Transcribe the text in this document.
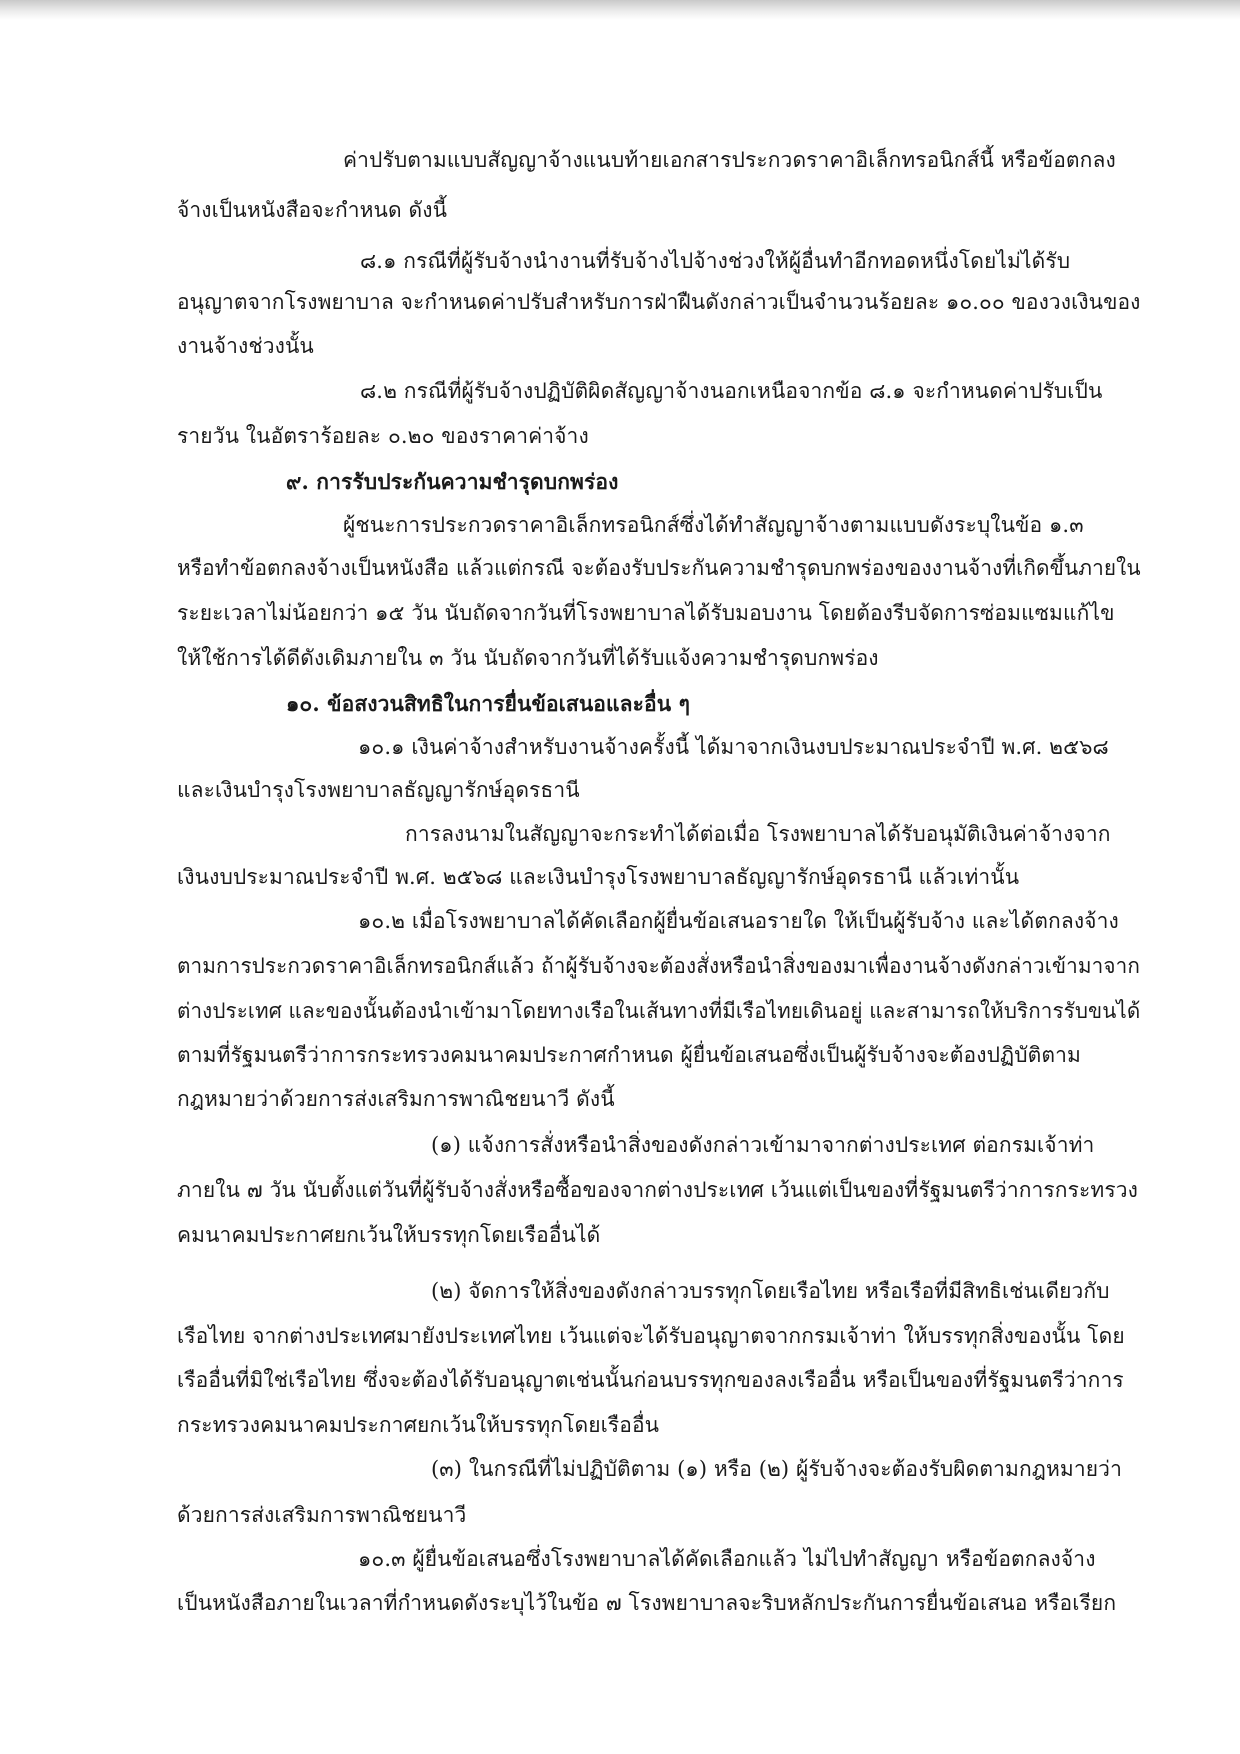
ค่าปรับตามแบบสัญญาจ้างแนบท้ายเอกสารประกวดราคาอิเล็กทรอนิกส์นี้ หรือข้อตกลง
จ้างเป็นหนังสือจะกำหนด ดังนี้
๘.๑ กรณีที่ผู้รับจ้างนำงานที่รับจ้างไปจ้างช่วงให้ผู้อื่นทำอีกทอดหนึ่งโดยไม่ได้รับ
อนุญาตจากโรงพยาบาล จะกำหนดค่าปรับสำหรับการฝ่าฝืนดังกล่าวเป็นจำนวนร้อยละ ๑๐.๐๐ ของวงเงินของ
งานจ้างช่วงนั้น
๘.๒ กรณีที่ผู้รับจ้างปฏิบัติผิดสัญญาจ้างนอกเหนือจากข้อ ๘.๑ จะกำหนดค่าปรับเป็น
รายวัน ในอัตราร้อยละ ๐.๒๐ ของราคาค่าจ้าง
๙. การรับประกันความชำรุดบกพร่อง
ผู้ชนะการประกวดราคาอิเล็กทรอนิกส์ซึ่งได้ทำสัญญาจ้างตามแบบดังระบุในข้อ ๑.๓
หรือทำข้อตกลงจ้างเป็นหนังสือ แล้วแต่กรณี จะต้องรับประกันความชำรุดบกพร่องของงานจ้างที่เกิดขึ้นภายใน
ระยะเวลาไม่น้อยกว่า ๑๕ วัน นับถัดจากวันที่โรงพยาบาลได้รับมอบงาน โดยต้องรีบจัดการซ่อมแซมแก้ไข
ให้ใช้การได้ดีดังเดิมภายใน ๓ วัน นับถัดจากวันที่ได้รับแจ้งความชำรุดบกพร่อง
๑๐. ข้อสงวนสิทธิในการยื่นข้อเสนอและอื่น ๆ
๑๐.๑ เงินค่าจ้างสำหรับงานจ้างครั้งนี้ ได้มาจากเงินงบประมาณประจำปี พ.ศ. ๒๕๖๘
และเงินบำรุงโรงพยาบาลธัญญารักษ์อุดรธานี
การลงนามในสัญญาจะกระทำได้ต่อเมื่อ โรงพยาบาลได้รับอนุมัติเงินค่าจ้างจาก
เงินงบประมาณประจำปี พ.ศ. ๒๕๖๘ และเงินบำรุงโรงพยาบาลธัญญารักษ์อุดรธานี แล้วเท่านั้น
๑๐.๒ เมื่อโรงพยาบาลได้คัดเลือกผู้ยื่นข้อเสนอรายใด ให้เป็นผู้รับจ้าง และได้ตกลงจ้าง
ตามการประกวดราคาอิเล็กทรอนิกส์แล้ว ถ้าผู้รับจ้างจะต้องสั่งหรือนำสิ่งของมาเพื่องานจ้างดังกล่าวเข้ามาจาก
ต่างประเทศ และของนั้นต้องนำเข้ามาโดยทางเรือในเส้นทางที่มีเรือไทยเดินอยู่ และสามารถให้บริการรับขนได้
ตามที่รัฐมนตรีว่าการกระทรวงคมนาคมประกาศกำหนด ผู้ยื่นข้อเสนอซึ่งเป็นผู้รับจ้างจะต้องปฏิบัติตาม
กฎหมายว่าด้วยการส่งเสริมการพาณิชยนาวี ดังนี้
(๑) แจ้งการสั่งหรือนำสิ่งของดังกล่าวเข้ามาจากต่างประเทศ ต่อกรมเจ้าท่า
ภายใน ๗ วัน นับตั้งแต่วันที่ผู้รับจ้างสั่งหรือซื้อของจากต่างประเทศ เว้นแต่เป็นของที่รัฐมนตรีว่าการกระทรวง
คมนาคมประกาศยกเว้นให้บรรทุกโดยเรืออื่นได้
(๒) จัดการให้สิ่งของดังกล่าวบรรทุกโดยเรือไทย หรือเรือที่มีสิทธิเช่นเดียวกับ
เรือไทย จากต่างประเทศมายังประเทศไทย เว้นแต่จะได้รับอนุญาตจากกรมเจ้าท่า ให้บรรทุกสิ่งของนั้น โดย
เรืออื่นที่มิใช่เรือไทย ซึ่งจะต้องได้รับอนุญาตเช่นนั้นก่อนบรรทุกของลงเรืออื่น หรือเป็นของที่รัฐมนตรีว่าการ
กระทรวงคมนาคมประกาศยกเว้นให้บรรทุกโดยเรืออื่น
(๓) ในกรณีที่ไม่ปฏิบัติตาม (๑) หรือ (๒) ผู้รับจ้างจะต้องรับผิดตามกฎหมายว่า
ด้วยการส่งเสริมการพาณิชยนาวี
๑๐.๓ ผู้ยื่นข้อเสนอซึ่งโรงพยาบาลได้คัดเลือกแล้ว ไม่ไปทำสัญญา หรือข้อตกลงจ้าง
เป็นหนังสือภายในเวลาที่กำหนดดังระบุไว้ในข้อ ๗ โรงพยาบาลจะริบหลักประกันการยื่นข้อเสนอ หรือเรียก
